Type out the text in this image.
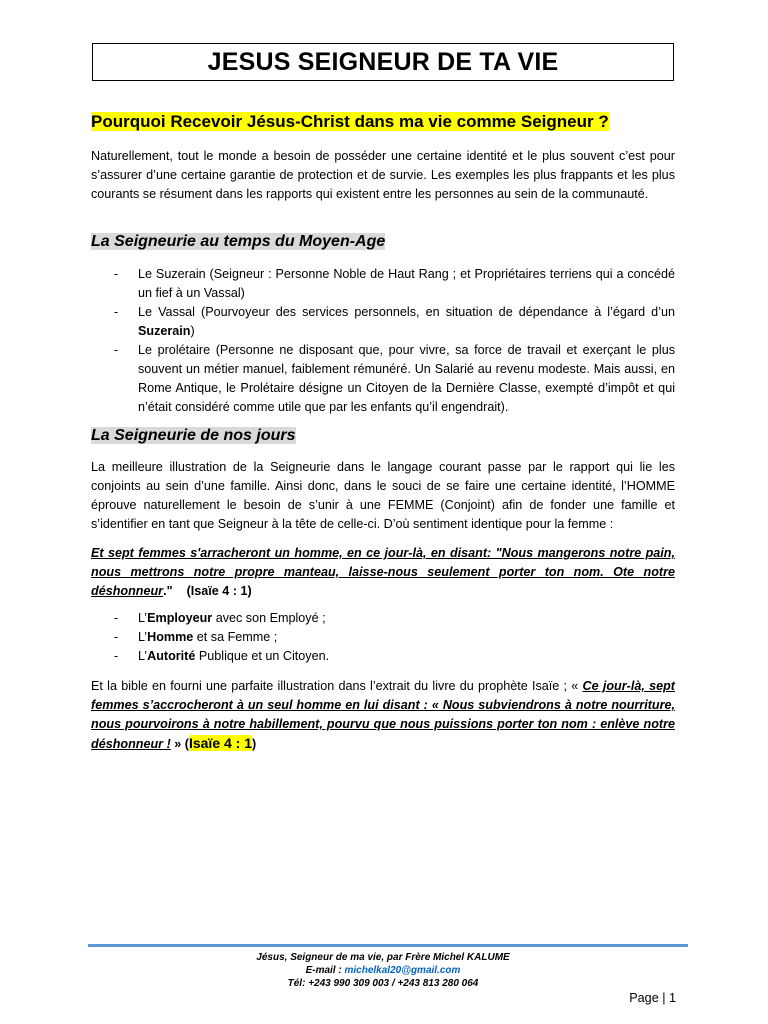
JESUS SEIGNEUR DE TA VIE
Pourquoi Recevoir Jésus-Christ dans ma vie comme Seigneur ?
Naturellement, tout le monde a besoin de posséder une certaine identité et le plus souvent c’est pour s’assurer d’une certaine garantie de protection et de survie. Les exemples les plus frappants et les plus courants se résument dans les rapports qui existent entre les personnes au sein de la communauté.
La Seigneurie au temps du Moyen-Age
- Le Suzerain (Seigneur : Personne Noble de Haut Rang ; et Propriétaires terriens qui a concédé un fief à un Vassal)
- Le Vassal (Pourvoyeur des services personnels, en situation de dépendance à l’égard d’un Suzerain)
- Le prolétaire (Personne ne disposant que, pour vivre, sa force de travail et exerçant le plus souvent un métier manuel, faiblement rémunéré. Un Salarié au revenu modeste. Mais aussi, en Rome Antique, le Prolétaire désigne un Citoyen de la Dernière Classe, exempté d’impôt et qui n’était considéré comme utile que par les enfants qu’il engendrait).
La Seigneurie de nos jours
La meilleure illustration de la Seigneurie dans le langage courant passe par le rapport qui lie les conjoints au sein d’une famille. Ainsi donc, dans le souci de se faire une certaine identité, l’HOMME éprouve naturellement le besoin de s’unir à une FEMME (Conjoint) afin de fonder une famille et s’identifier en tant que Seigneur à la tête de celle-ci. D’où sentiment identique pour la femme :
Et sept femmes s'arracheront un homme, en ce jour-là, en disant: "Nous mangerons notre pain, nous mettrons notre propre manteau, laisse-nous seulement porter ton nom. Ote notre déshonneur." (Isaïe 4 : 1)
- L’Employeur avec son Employé ;
- L’Homme et sa Femme ;
- L’Autorité Publique et un Citoyen.
Et la bible en fourni une parfaite illustration dans l’extrait du livre du prophète Isaïe ; « Ce jour-là, sept femmes s’accrocheront à un seul homme en lui disant : « Nous subviendrons à notre nourriture, nous pourvoirons à notre habillement, pourvu que nous puissions porter ton nom : enlève notre déshonneur ! » (Isaïe 4 : 1)
Jésus, Seigneur de ma vie, par Frère Michel KALUME
E-mail : michelkal20@gmail.com
Tél: +243 990 309 003 / +243 813 280 064
Page | 1
